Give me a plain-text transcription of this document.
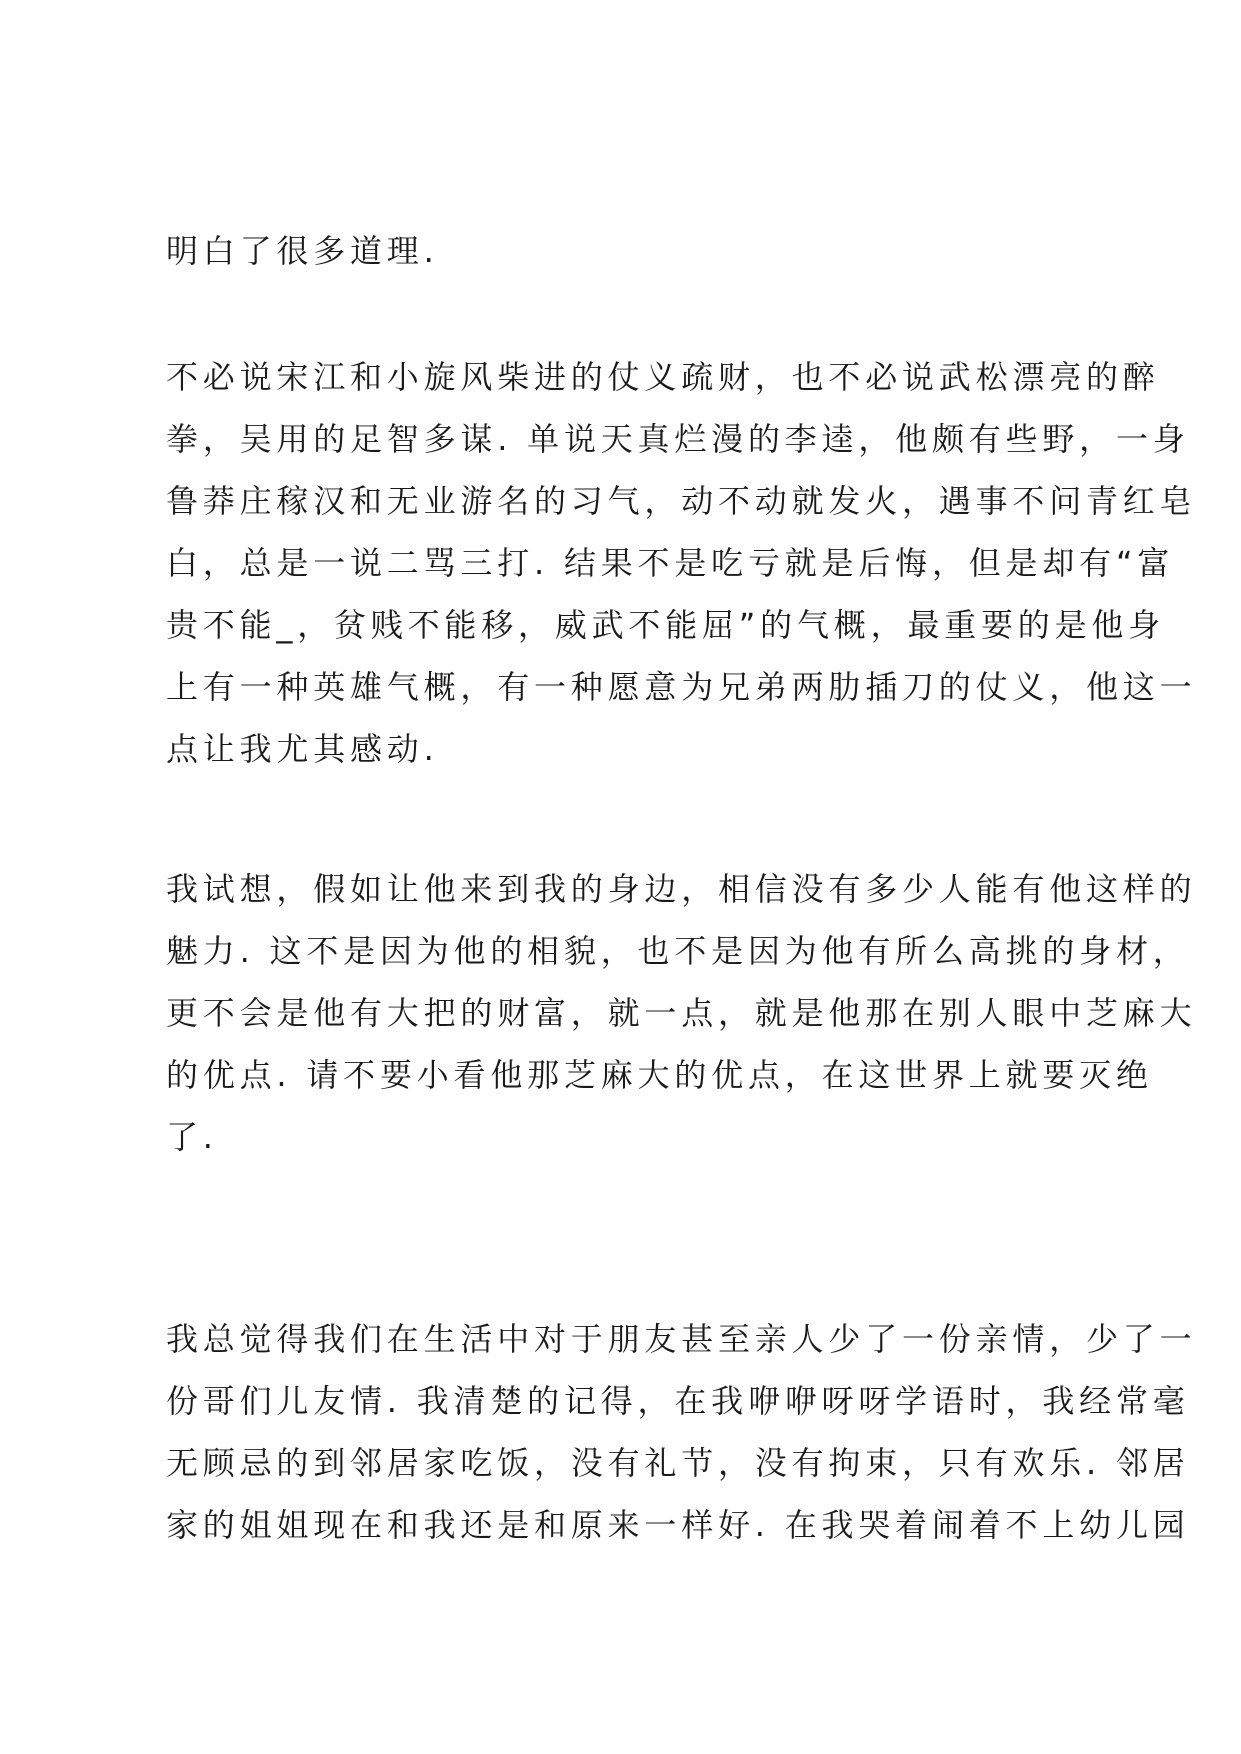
明白了很多道理.
不必说宋江和小旋风柴进的仗义疏财，也不必说武松漂亮的醉
拳，吴用的足智多谋. 单说天真烂漫的李逵，他颇有些野，一身
鲁莽庄稼汉和无业游名的习气，动不动就发火，遇事不问青红皂
白，总是一说二骂三打. 结果不是吃亏就是后悔，但是却有“富
贵不能_，贫贱不能移，威武不能屈”的气概，最重要的是他身
上有一种英雄气概，有一种愿意为兄弟两肋插刀的仗义，他这一
点让我尤其感动.
我试想，假如让他来到我的身边，相信没有多少人能有他这样的
魅力. 这不是因为他的相貌，也不是因为他有所么高挑的身材，
更不会是他有大把的财富，就一点，就是他那在别人眼中芝麻大
的优点. 请不要小看他那芝麻大的优点，在这世界上就要灭绝
了.
我总觉得我们在生活中对于朋友甚至亲人少了一份亲情，少了一
份哥们儿友情. 我清楚的记得，在我咿咿呀呀学语时，我经常毫
无顾忌的到邻居家吃饭，没有礼节，没有拘束，只有欢乐. 邻居
家的姐姐现在和我还是和原来一样好. 在我哭着闹着不上幼儿园
